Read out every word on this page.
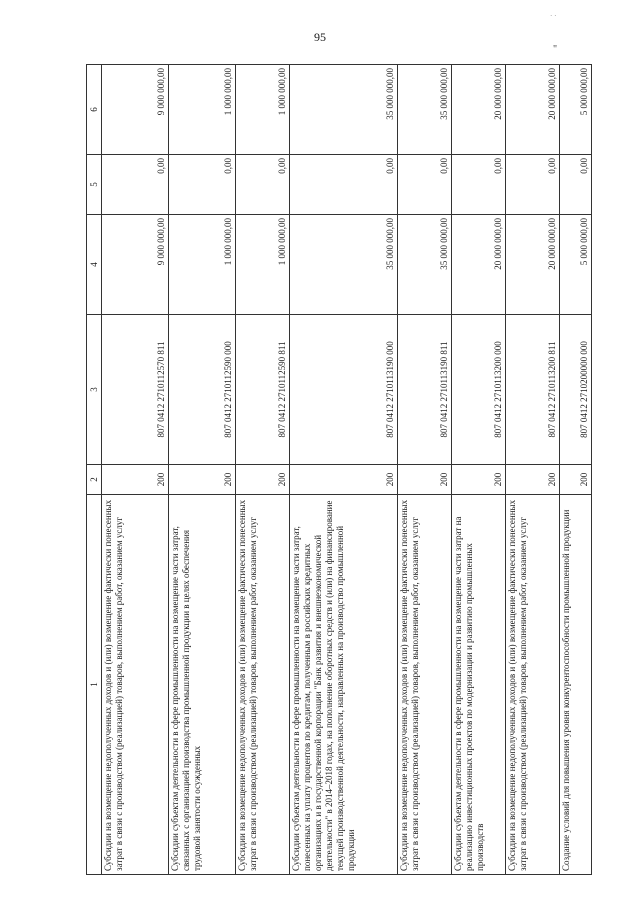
95
· ·
"
1	2	3	4	5	6
Субсидии на возмещение недополученных доходов и (или) возмещение фактически понесенных затрат в связи с производством (реализацией) товаров, выполнением работ, оказанием услуг	200	807 0412 2710112570 811	9 000 000,00	0,00	9 000 000,00
Субсидии субъектам деятельности в сфере промышленности на возмещение части затрат, связанных с организацией производства промышленной продукции в целях обеспечения трудовой занятости осужденных	200	807 0412 2710112590 000	1 000 000,00	0,00	1 000 000,00
Субсидии на возмещение недополученных доходов и (или) возмещение фактически понесенных затрат в связи с производством (реализацией) товаров, выполнением работ, оказанием услуг	200	807 0412 2710112590 811	1 000 000,00	0,00	1 000 000,00
Субсидии субъектам деятельности в сфере промышленности на возмещение части затрат, понесенных на уплату процентов по кредитам, полученным в российских кредитных организациях и в государственной корпорации "Банк развития и внешнеэкономической деятельности" в 2014–2018 годах, на пополнение оборотных средств и (или) на финансирование текущей производственной деятельности, направленных на производство промышленной продукции	200	807 0412 2710113190 000	35 000 000,00	0,00	35 000 000,00
Субсидии на возмещение недополученных доходов и (или) возмещение фактически понесенных затрат в связи с производством (реализацией) товаров, выполнением работ, оказанием услуг	200	807 0412 2710113190 811	35 000 000,00	0,00	35 000 000,00
Субсидии субъектам деятельности в сфере промышленности на возмещение части затрат на реализацию инвестиционных проектов по модернизации и развитию промышленных производств	200	807 0412 2710113200 000	20 000 000,00	0,00	20 000 000,00
Субсидии на возмещение недополученных доходов и (или) возмещение фактически понесенных затрат в связи с производством (реализацией) товаров, выполнением работ, оказанием услуг	200	807 0412 2710113200 811	20 000 000,00	0,00	20 000 000,00
Создание условий для повышения уровня конкурентоспособности промышленной продукции	200	807 0412 2710200000 000	5 000 000,00	0,00	5 000 000,00
